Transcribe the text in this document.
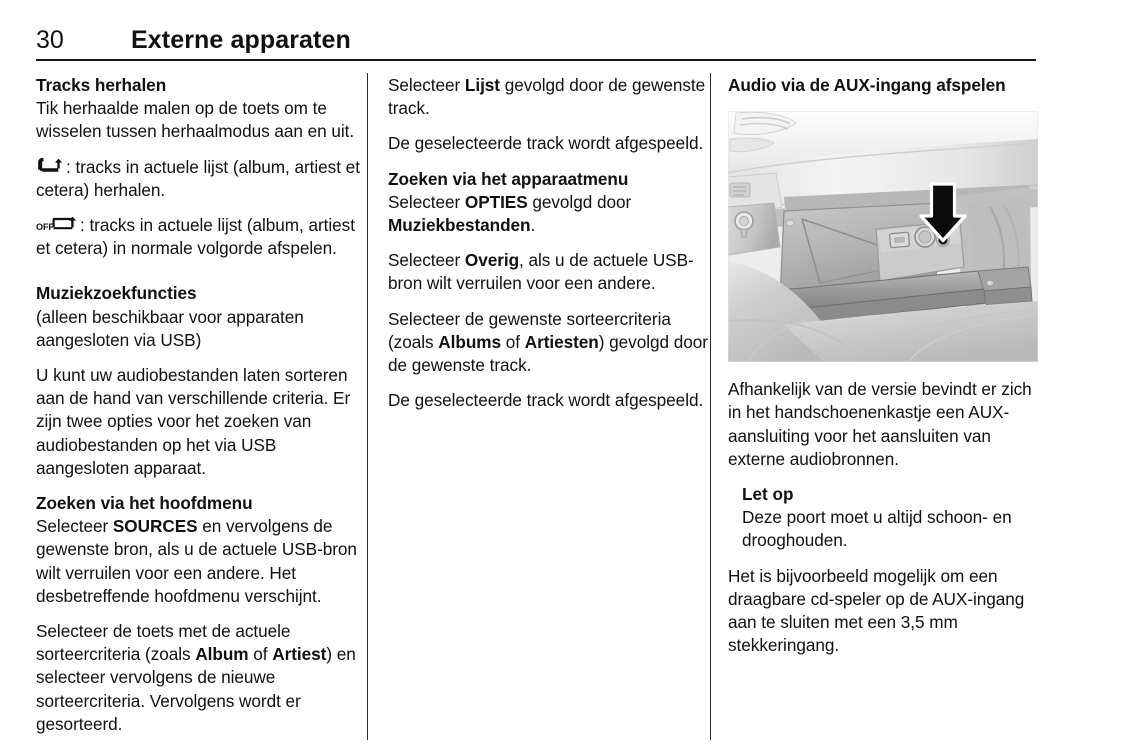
30	Externe apparaten
Tracks herhalen

Tik herhaalde malen op de toets om te wisselen tussen herhaalmodus aan en uit.

: tracks in actuele lijst (album, artiest et cetera) herhalen.

OFF : tracks in actuele lijst (album, artiest et cetera) in normale volgorde afspelen.

Muziekzoekfuncties

(alleen beschikbaar voor apparaten aangesloten via USB)

U kunt uw audiobestanden laten sorteren aan de hand van verschillende criteria. Er zijn twee opties voor het zoeken van audiobestanden op het via USB aangesloten apparaat.

Zoeken via het hoofdmenu

Selecteer SOURCES en vervolgens de gewenste bron, als u de actuele USB-bron wilt verruilen voor een andere. Het desbetreffende hoofdmenu verschijnt.

Selecteer de toets met de actuele sorteercriteria (zoals Album of Artiest) en selecteer vervolgens de nieuwe sorteercriteria. Vervolgens wordt er gesorteerd.

Selecteer Lijst gevolgd door de gewenste track.

De geselecteerde track wordt afgespeeld.

Zoeken via het apparaatmenu

Selecteer OPTIES gevolgd door Muziekbestanden.

Selecteer Overig, als u de actuele USB-bron wilt verruilen voor een andere.

Selecteer de gewenste sorteercriteria (zoals Albums of Artiesten) gevolgd door de gewenste track.

De geselecteerde track wordt afgespeeld.

Audio via de AUX-ingang afspelen

Afhankelijk van de versie bevindt er zich in het handschoenenkastje een AUX-aansluiting voor het aansluiten van externe audiobronnen.

Let op
Deze poort moet u altijd schoon- en drooghouden.

Het is bijvoorbeeld mogelijk om een draagbare cd-speler op de AUX-ingang aan te sluiten met een 3,5 mm stekkeringang.
